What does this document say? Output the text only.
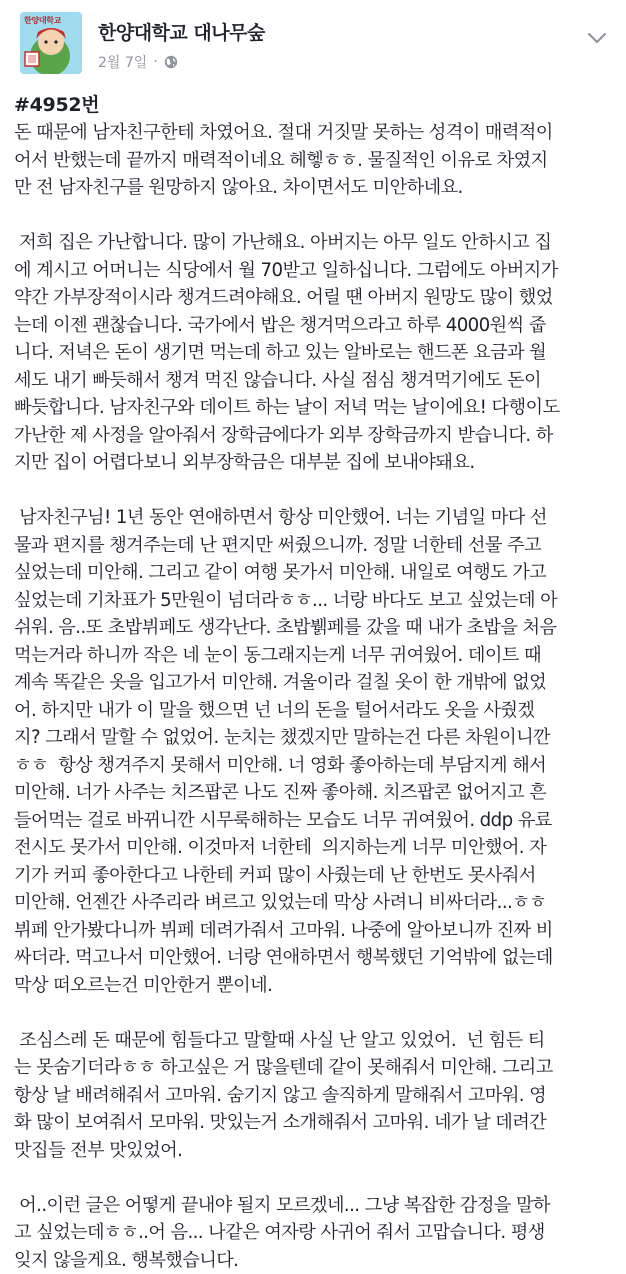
한양대학교
한양대학교 대나무숲
2월 7일 ·
#4952번
돈 때문에 남자친구한테 차였어요. 절대 거짓말 못하는 성격이 매력적이
어서 반했는데 끝까지 매력적이네요 헤헿ㅎㅎ. 물질적인 이유로 차였지
만 전 남자친구를 원망하지 않아요. 차이면서도 미안하네요.
저희 집은 가난합니다. 많이 가난해요. 아버지는 아무 일도 안하시고 집
에 계시고 어머니는 식당에서 월 70받고 일하십니다. 그럼에도 아버지가
약간 가부장적이시라 챙겨드려야해요. 어릴 땐 아버지 원망도 많이 했었
는데 이젠 괜찮습니다. 국가에서 밥은 챙겨먹으라고 하루 4000원씩 줍
니다. 저녁은 돈이 생기면 먹는데 하고 있는 알바로는 핸드폰 요금과 월
세도 내기 빠듯해서 챙겨 먹진 않습니다. 사실 점심 챙겨먹기에도 돈이
빠듯합니다. 남자친구와 데이트 하는 날이 저녁 먹는 날이에요! 다행이도
가난한 제 사정을 알아줘서 장학금에다가 외부 장학금까지 받습니다. 하
지만 집이 어렵다보니 외부장학금은 대부분 집에 보내야돼요.
남자친구님! 1년 동안 연애하면서 항상 미안했어. 너는 기념일 마다 선
물과 편지를 챙겨주는데 난 편지만 써줬으니까. 정말 너한테 선물 주고
싶었는데 미안해. 그리고 같이 여행 못가서 미안해. 내일로 여행도 가고
싶었는데 기차표가 5만원이 넘더라ㅎㅎ... 너랑 바다도 보고 싶었는데 아
쉬워. 음..또 초밥뷔페도 생각난다. 초밥뷁페를 갔을 때 내가 초밥을 처음
먹는거라 하니까 작은 네 눈이 동그래지는게 너무 귀여웠어. 데이트 때
계속 똑같은 옷을 입고가서 미안해. 겨울이라 걸칠 옷이 한 개밖에 없었
어. 하지만 내가 이 말을 했으면 넌 너의 돈을 털어서라도 옷을 사줬겠
지? 그래서 말할 수 없었어. 눈치는 챘겠지만 말하는건 다른 차원이니깐
ㅎㅎ  항상 챙겨주지 못해서 미안해. 너 영화 좋아하는데 부담지게 해서
미안해. 너가 사주는 치즈팝콘 나도 진짜 좋아해. 치즈팝콘 없어지고 흔
들어먹는 걸로 바뀌니깐 시무룩해하는 모습도 너무 귀여웠어. ddp 유료
전시도 못가서 미안해. 이것마저 너한테  의지하는게 너무 미안했어. 자
기가 커피 좋아한다고 나한테 커피 많이 사줬는데 난 한번도 못사줘서
미안해. 언젠간 사주리라 벼르고 있었는데 막상 사려니 비싸더라...ㅎㅎ
뷔페 안가봤다니까 뷔페 데려가줘서 고마워. 나중에 알아보니까 진짜 비
싸더라. 먹고나서 미안했어. 너랑 연애하면서 행복했던 기억밖에 없는데
막상 떠오르는건 미안한거 뿐이네.
조심스레 돈 때문에 힘들다고 말할때 사실 난 알고 있었어.  넌 힘든 티
는 못숨기더라ㅎㅎ 하고싶은 거 많을텐데 같이 못해줘서 미안해. 그리고
항상 날 배려해줘서 고마워. 숨기지 않고 솔직하게 말해줘서 고마워. 영
화 많이 보여줘서 모마워. 맛있는거 소개해줘서 고마워. 네가 날 데려간
맛집들 전부 맛있었어.
어..이런 글은 어떻게 끝내야 될지 모르겠네... 그냥 복잡한 감정을 말하
고 싶었는데ㅎㅎ..어 음... 나같은 여자랑 사귀어 줘서 고맙습니다. 평생
잊지 않을게요. 행복했습니다.
